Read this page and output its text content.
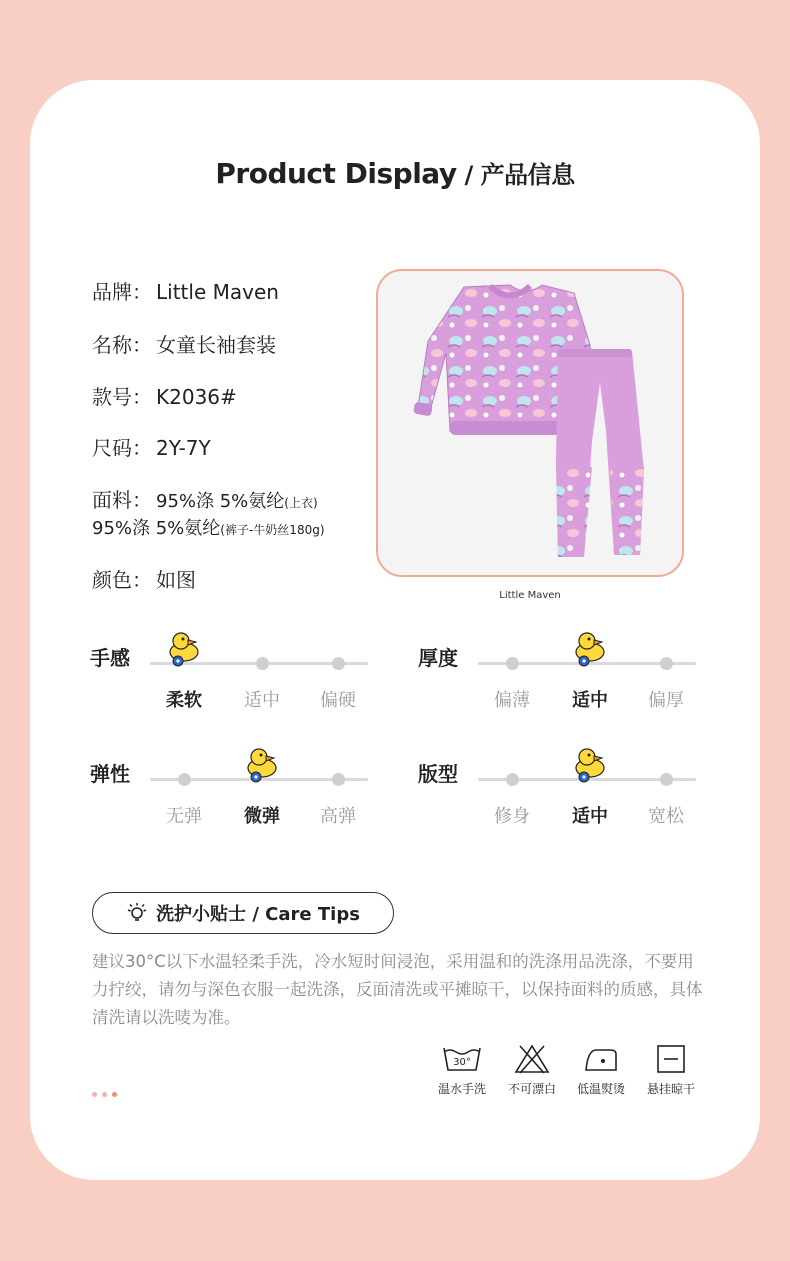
Product Display / 产品信息
品牌： Little Maven
名称： 女童长袖套装
款号： K2036#
尺码： 2Y-7Y
面料： 95%涤 5%氨纶(上衣)
95%涤 5%氨纶(裤子-牛奶丝180g)
颜色： 如图
Little Maven
手感
柔软	适中	偏硬
厚度
偏薄	适中	偏厚
弹性
无弹	微弹	高弹
版型
修身	适中	宽松
洗护小贴士 / Care Tips
建议30°C以下水温轻柔手洗，冷水短时间浸泡，采用温和的洗涤用品洗涤，不要用力拧绞，请勿与深色衣服一起洗涤，反面清洗或平摊晾干，以保持面料的质感，具体清洗请以洗唛为准。
30°
温水手洗	不可漂白	低温熨烫	悬挂晾干
